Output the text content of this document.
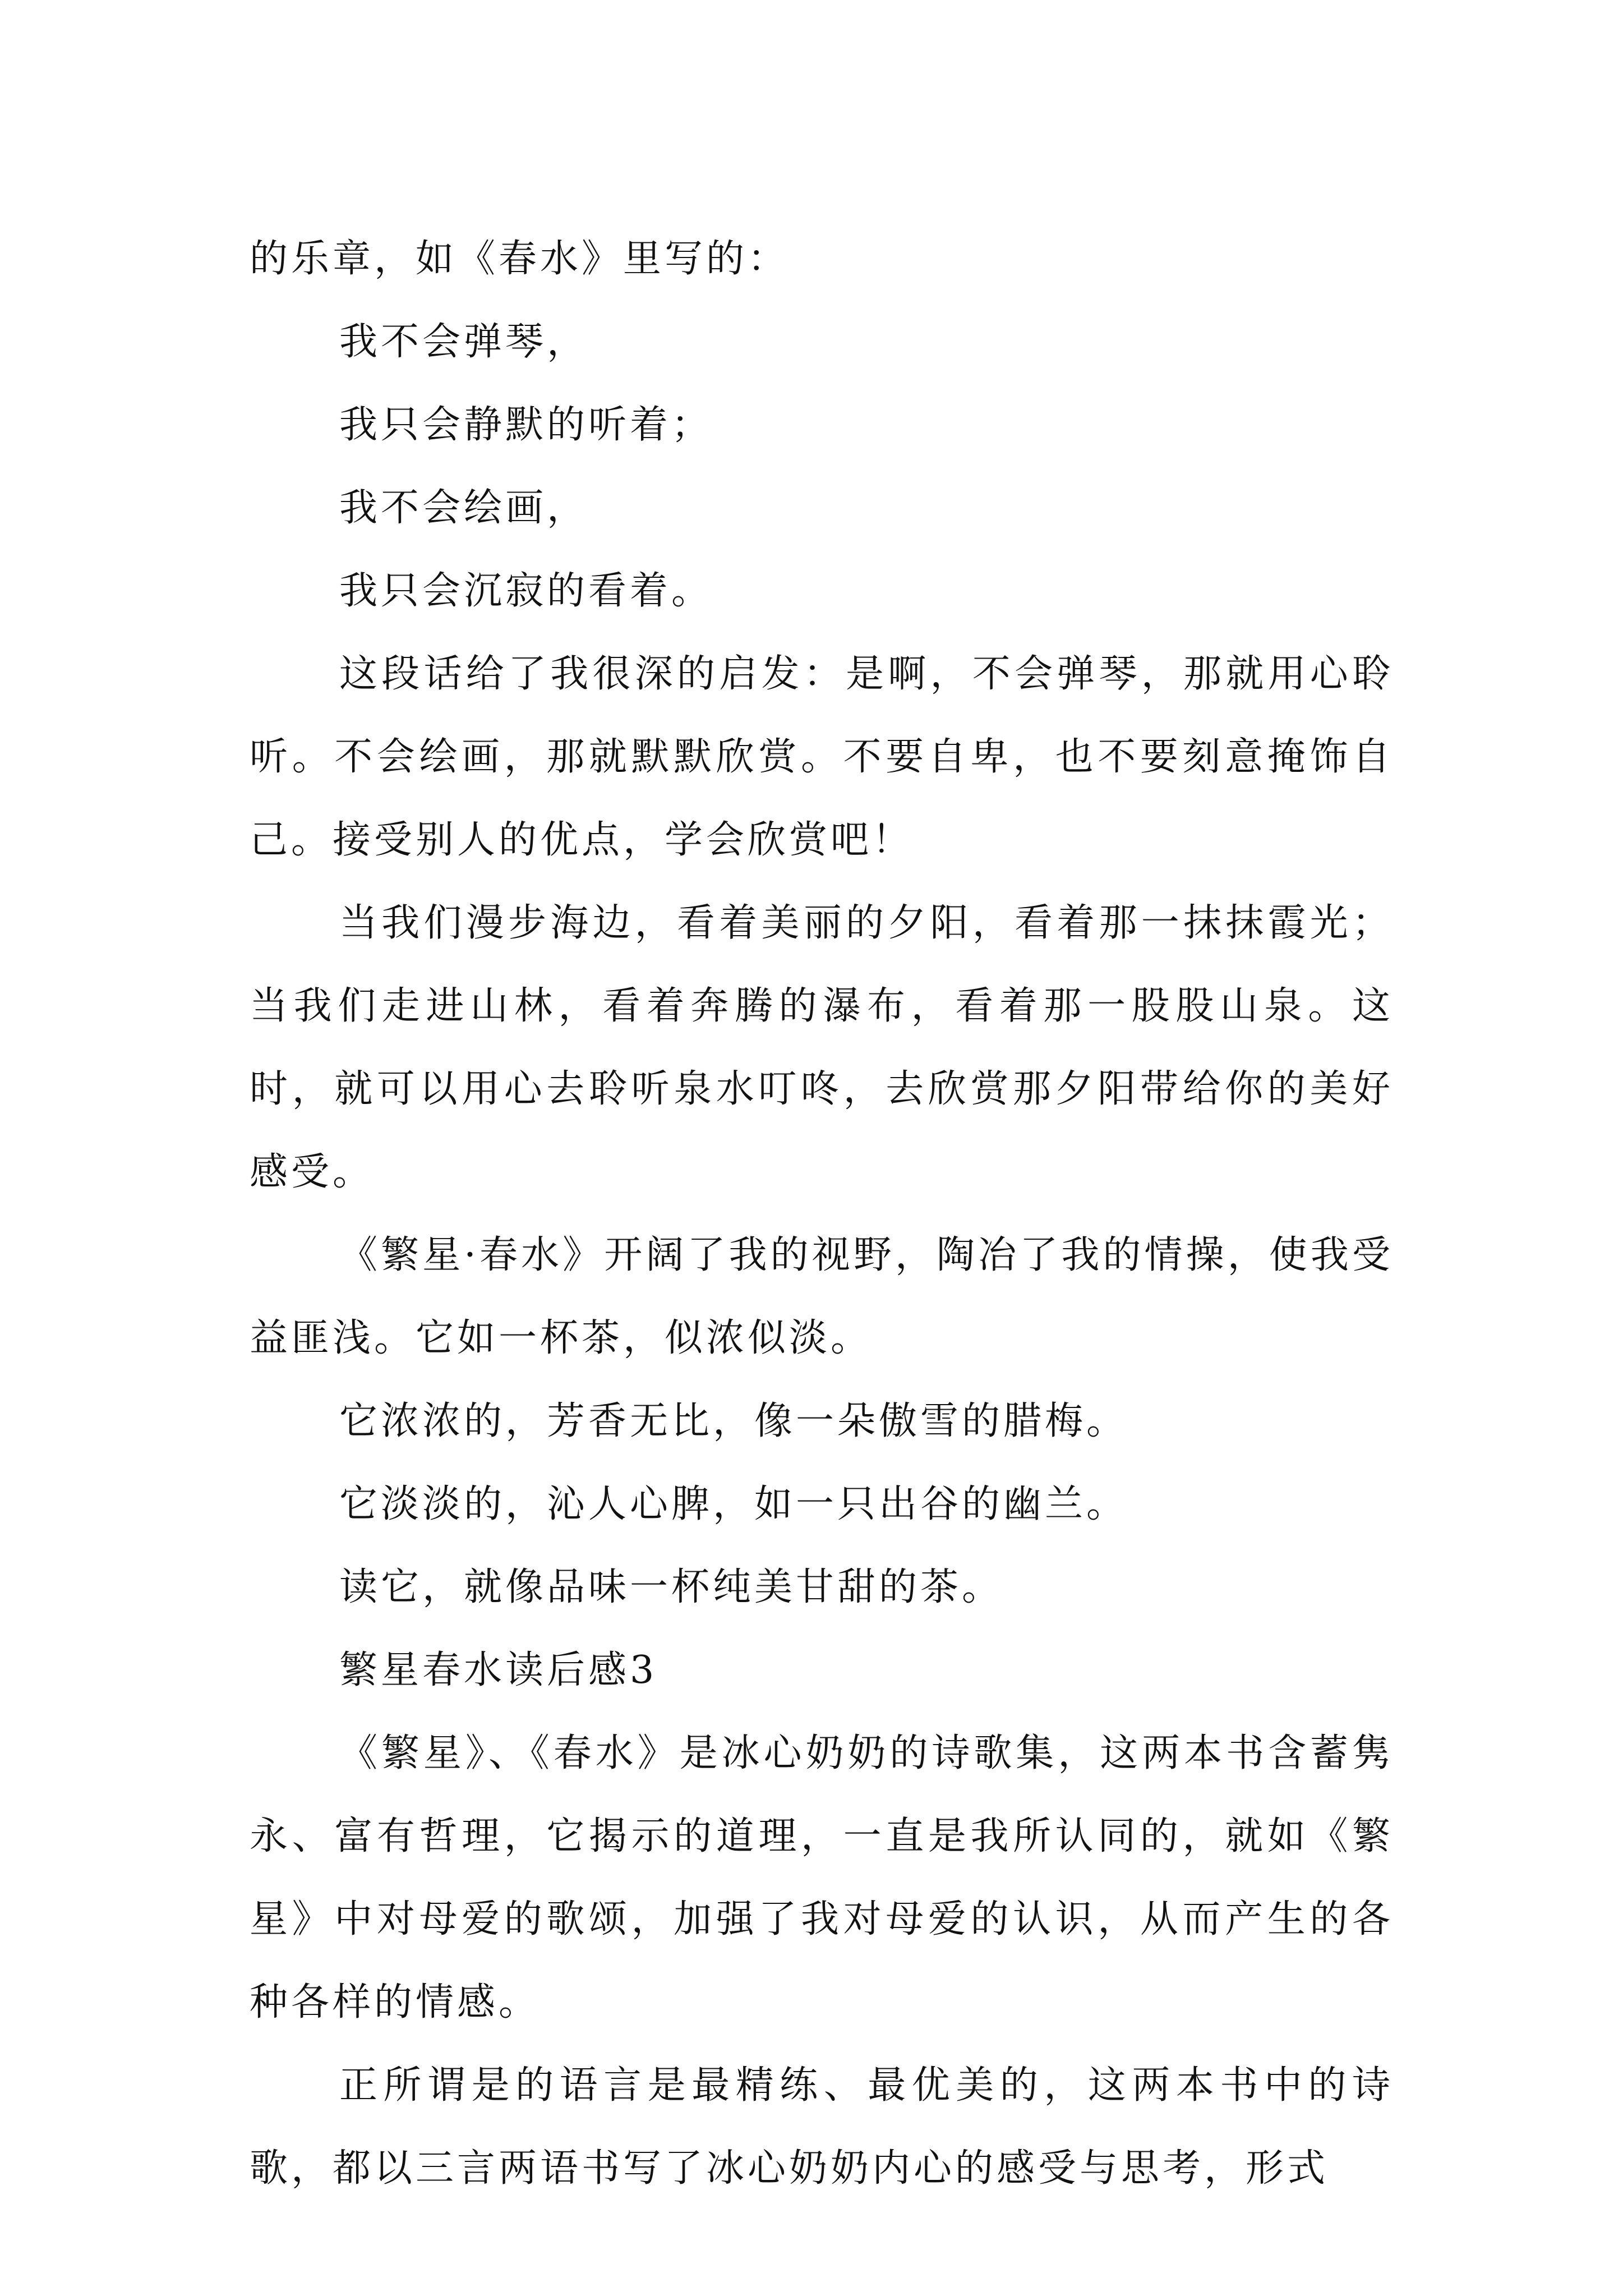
的乐章，如《春水》里写的：

我不会弹琴，

我只会静默的听着；

我不会绘画，

我只会沉寂的看着。

这段话给了我很深的启发：是啊，不会弹琴，那就用心聆听。不会绘画，那就默默欣赏。不要自卑，也不要刻意掩饰自己。接受别人的优点，学会欣赏吧！

当我们漫步海边，看着美丽的夕阳，看着那一抹抹霞光；当我们走进山林，看着奔腾的瀑布，看着那一股股山泉。这时，就可以用心去聆听泉水叮咚，去欣赏那夕阳带给你的美好感受。

《繁星·春水》开阔了我的视野，陶冶了我的情操，使我受益匪浅。它如一杯茶，似浓似淡。

它浓浓的，芳香无比，像一朵傲雪的腊梅。

它淡淡的，沁人心脾，如一只出谷的幽兰。

读它，就像品味一杯纯美甘甜的茶。

繁星春水读后感3

《繁星》、《春水》是冰心奶奶的诗歌集，这两本书含蓄隽永、富有哲理，它揭示的道理，一直是我所认同的，就如《繁星》中对母爱的歌颂，加强了我对母爱的认识，从而产生的各种各样的情感。

正所谓是的语言是最精练、最优美的，这两本书中的诗歌，都以三言两语书写了冰心奶奶内心的感受与思考，形式
